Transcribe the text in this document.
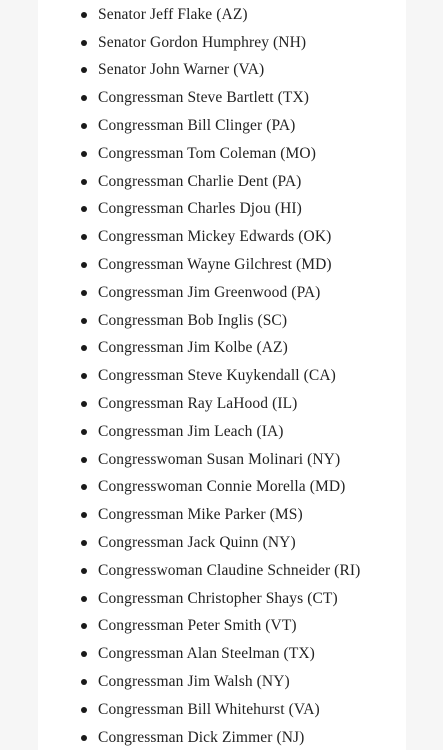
Senator Jeff Flake (AZ)
Senator Gordon Humphrey (NH)
Senator John Warner (VA)
Congressman Steve Bartlett (TX)
Congressman Bill Clinger (PA)
Congressman Tom Coleman (MO)
Congressman Charlie Dent (PA)
Congressman Charles Djou (HI)
Congressman Mickey Edwards (OK)
Congressman Wayne Gilchrest (MD)
Congressman Jim Greenwood (PA)
Congressman Bob Inglis (SC)
Congressman Jim Kolbe (AZ)
Congressman Steve Kuykendall (CA)
Congressman Ray LaHood (IL)
Congressman Jim Leach (IA)
Congresswoman Susan Molinari (NY)
Congresswoman Connie Morella (MD)
Congressman Mike Parker (MS)
Congressman Jack Quinn (NY)
Congresswoman Claudine Schneider (RI)
Congressman Christopher Shays (CT)
Congressman Peter Smith (VT)
Congressman Alan Steelman (TX)
Congressman Jim Walsh (NY)
Congressman Bill Whitehurst (VA)
Congressman Dick Zimmer (NJ)
